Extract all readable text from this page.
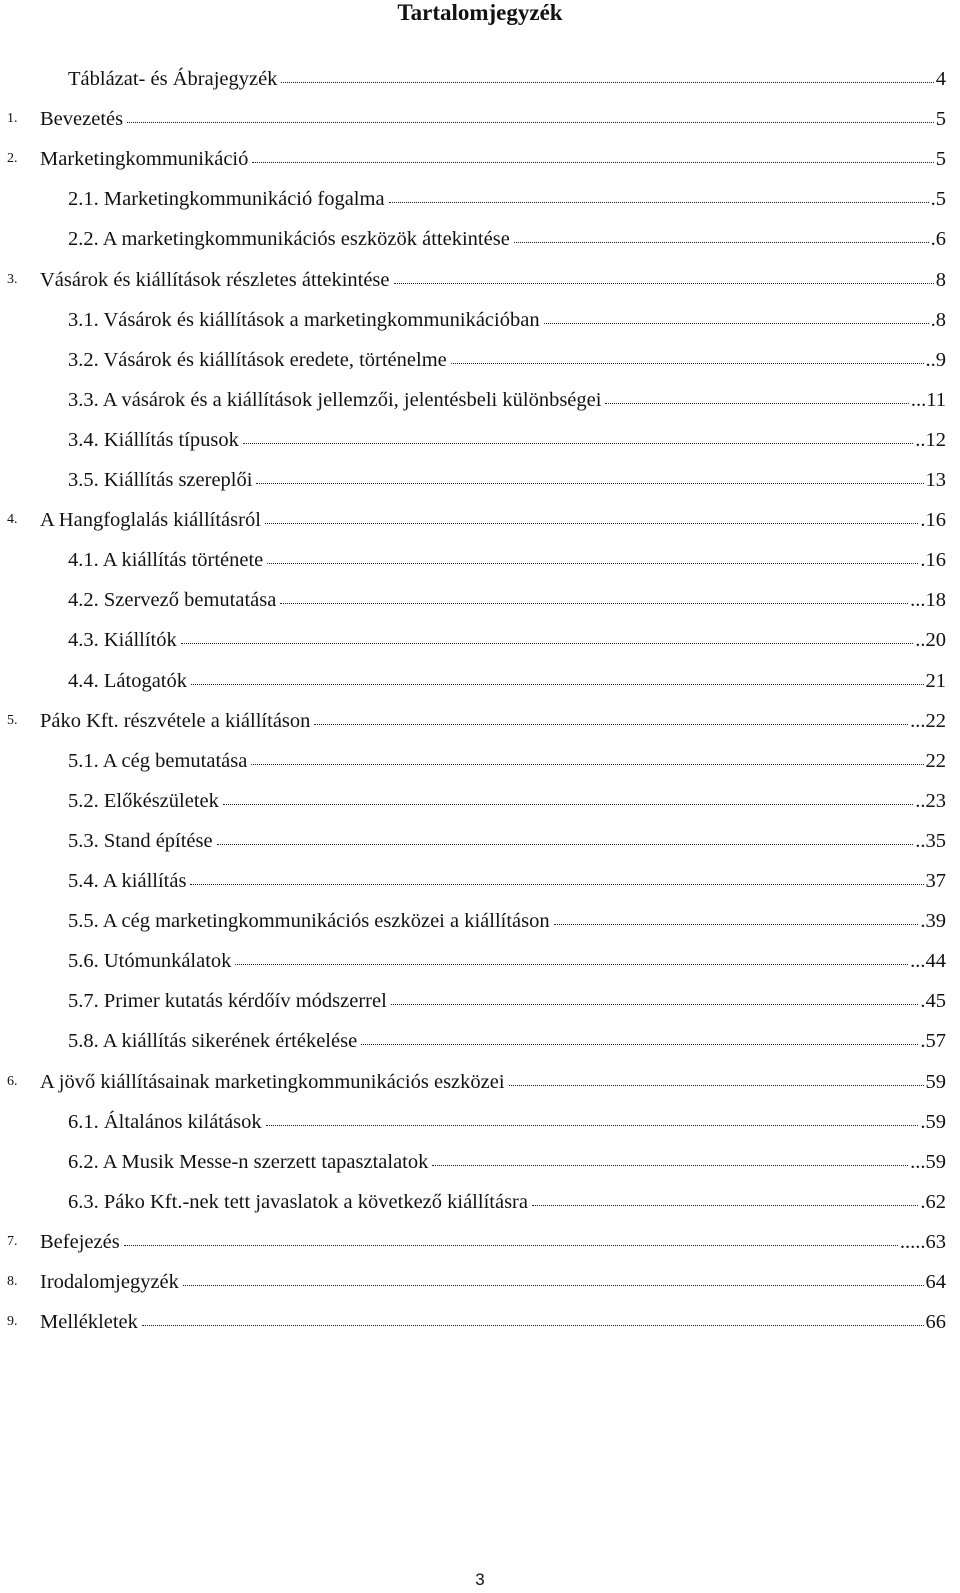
Tartalomjegyzék
Táblázat- és Ábrajegyzék	4
1. Bevezetés	5
2. Marketingkommunikáció	5
2.1. Marketingkommunikáció fogalma	.5
2.2. A marketingkommunikációs eszközök áttekintése	.6
3. Vásárok és kiállítások részletes áttekintése	8
3.1. Vásárok és kiállítások a marketingkommunikációban	.8
3.2. Vásárok és kiállítások eredete, történelme	..9
3.3. A vásárok és a kiállítások jellemzői, jelentésbeli különbségei	...11
3.4. Kiállítás típusok	..12
3.5. Kiállítás szereplői	13
4. A Hangfoglalás kiállításról	.16
4.1. A kiállítás története	.16
4.2. Szervező bemutatása	...18
4.3. Kiállítók	..20
4.4. Látogatók	21
5. Páko Kft. részvétele a kiállításon	...22
5.1. A cég bemutatása	22
5.2. Előkészületek	..23
5.3. Stand építése	..35
5.4. A kiállítás	37
5.5. A cég marketingkommunikációs eszközei a kiállításon	.39
5.6. Utómunkálatok	...44
5.7. Primer kutatás kérdőív módszerrel	.45
5.8. A kiállítás sikerének értékelése	.57
6. A jövő kiállításainak marketingkommunikációs eszközei	59
6.1. Általános kilátások	.59
6.2. A Musik Messe-n szerzett tapasztalatok	...59
6.3. Páko Kft.-nek tett javaslatok a következő kiállításra	.62
7. Befejezés	.....63
8. Irodalomjegyzék	64
9. Mellékletek	66
3
